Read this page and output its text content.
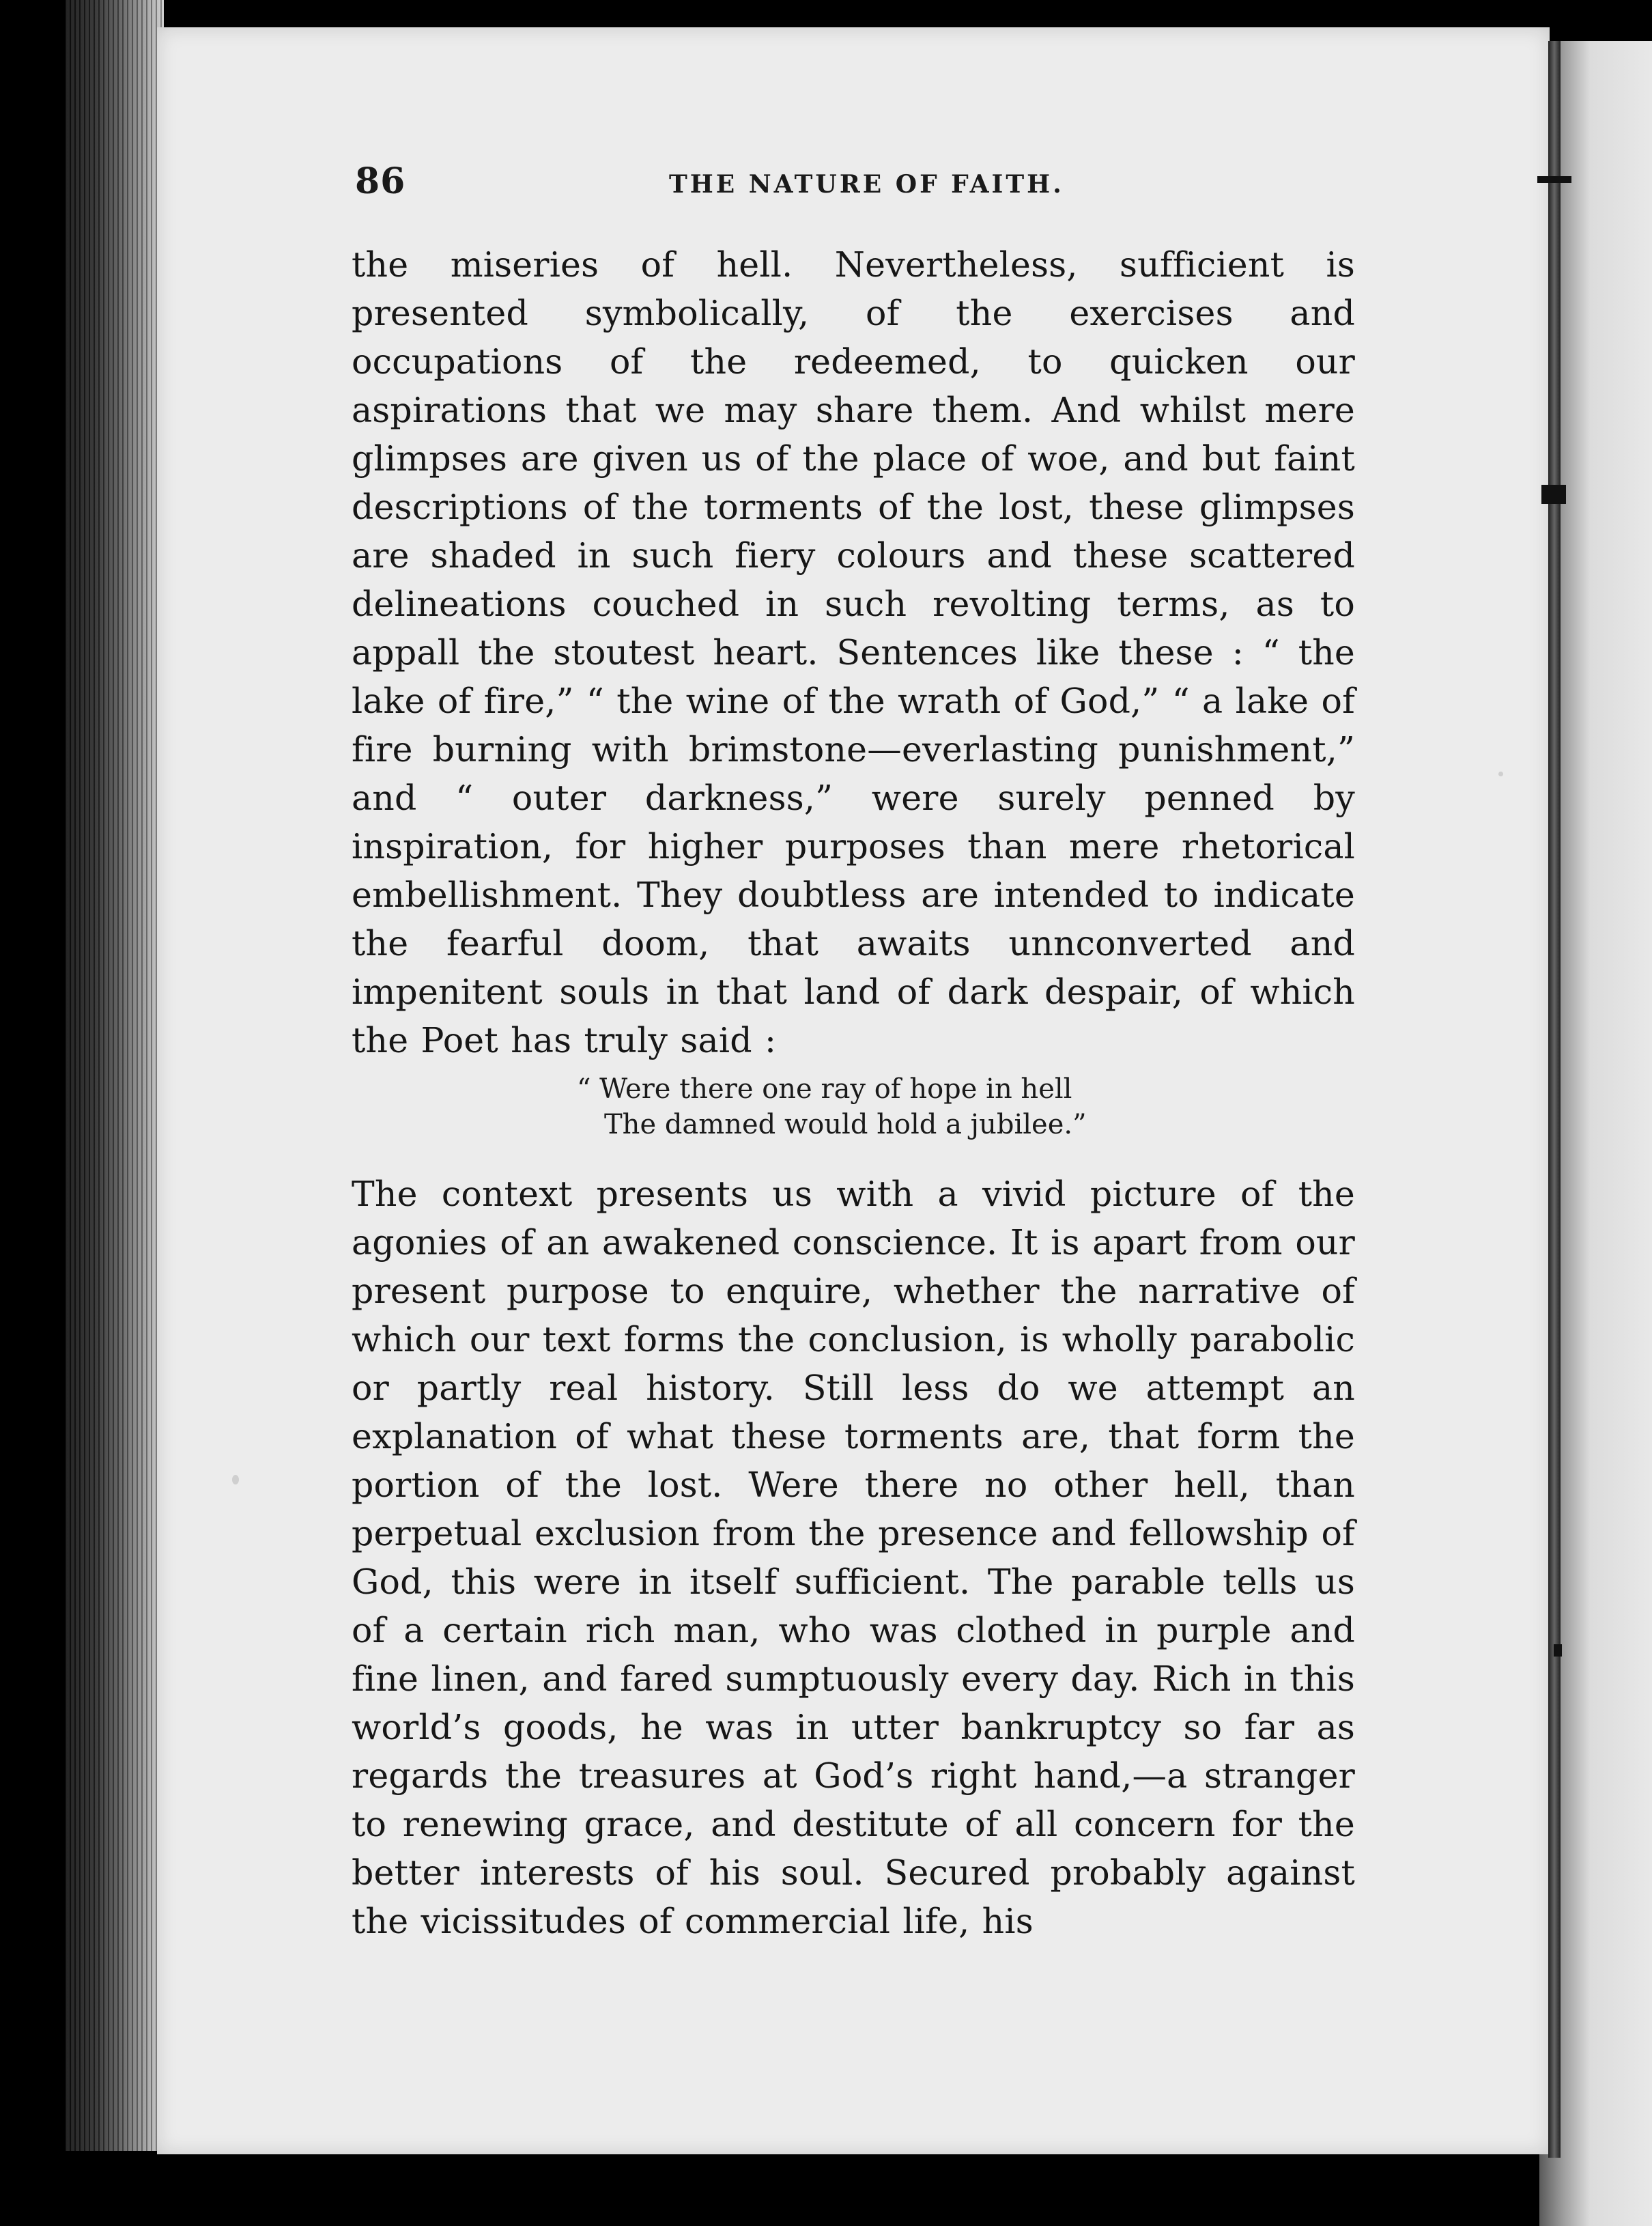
86	THE NATURE OF FAITH.

the miseries of hell. Nevertheless, sufficient is presented symbolically, of the exercises and occupations of the redeemed, to quicken our aspirations that we may share them. And whilst mere glimpses are given us of the place of woe, and but faint descriptions of the torments of the lost, these glimpses are shaded in such fiery colours and these scattered delineations couched in such revolting terms, as to appall the stoutest heart. Sentences like these : “ the lake of fire,” “ the wine of the wrath of God,” “ a lake of fire burning with brimstone—everlasting punishment,” and “ outer darkness,” were surely penned by inspiration, for higher purposes than mere rhetorical embellishment. They doubtless are intended to indicate the fearful doom, that awaits unnconverted and impenitent souls in that land of dark despair, of which the Poet has truly said :

“ Were there one ray of hope in hell
The damned would hold a jubilee.”

The context presents us with a vivid picture of the agonies of an awakened conscience. It is apart from our present purpose to enquire, whether the narrative of which our text forms the conclusion, is wholly parabolic or partly real history. Still less do we attempt an explanation of what these torments are, that form the portion of the lost. Were there no other hell, than perpetual exclusion from the presence and fellowship of God, this were in itself sufficient. The parable tells us of a certain rich man, who was clothed in purple and fine linen, and fared sumptuously every day. Rich in this world’s goods, he was in utter bankruptcy so far as regards the treasures at God’s right hand,—a stranger to renewing grace, and destitute of all concern for the better interests of his soul. Secured probably against the vicissitudes of commercial life, his
